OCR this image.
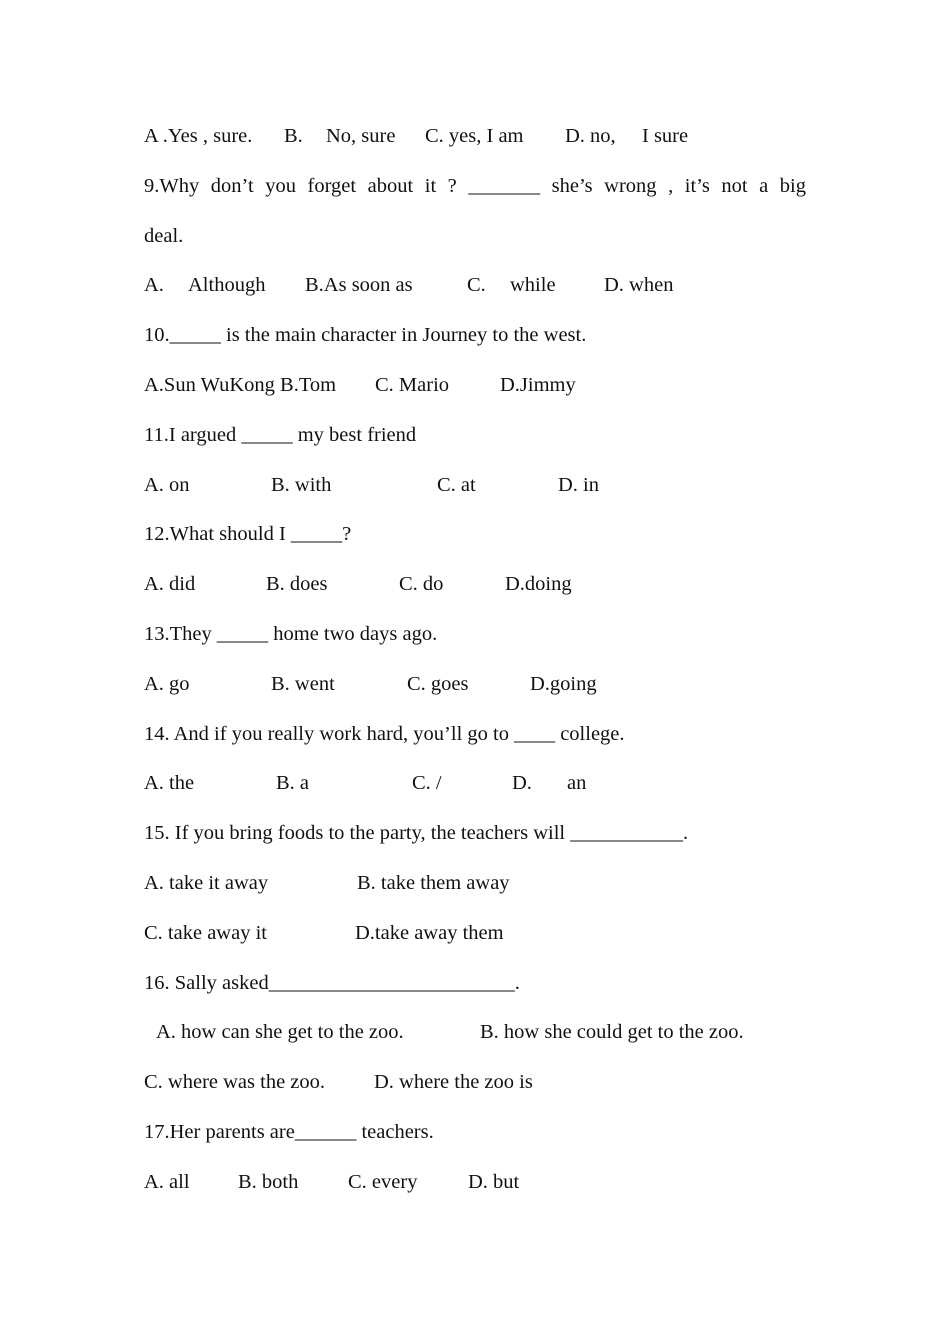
A .Yes , sure. B. No, sure C. yes, I am D. no, I sure
9.Why don’t you forget about it ? _______ she’s wrong , it’s not a big
deal.
A. Although B.As soon as	C. while D. when
10._____ is the main character in Journey to the west.
A.Sun WuKong B.Tom C. Mario D.Jimmy
11.I argued _____ my best friend
A. on	B. with	C. at	D. in
12.What should I _____?
A. did	B. does	C. do	D.doing
13.They _____ home two days ago.
A. go	B. went	C. goes	D.going
14. And if you really work hard, you’ll go to ____ college.
A. the	B. a	C. /	D. an
15. If you bring foods to the party, the teachers will ___________.
A. take it away	B. take them away
C. take away it	D.take away them
16. Sally asked________________________.
A. how can she get to the zoo.	B. how she could get to the zoo.
C. where was the zoo. D. where the zoo is
17.Her parents are______ teachers.
A. all B. both C. every D. but
